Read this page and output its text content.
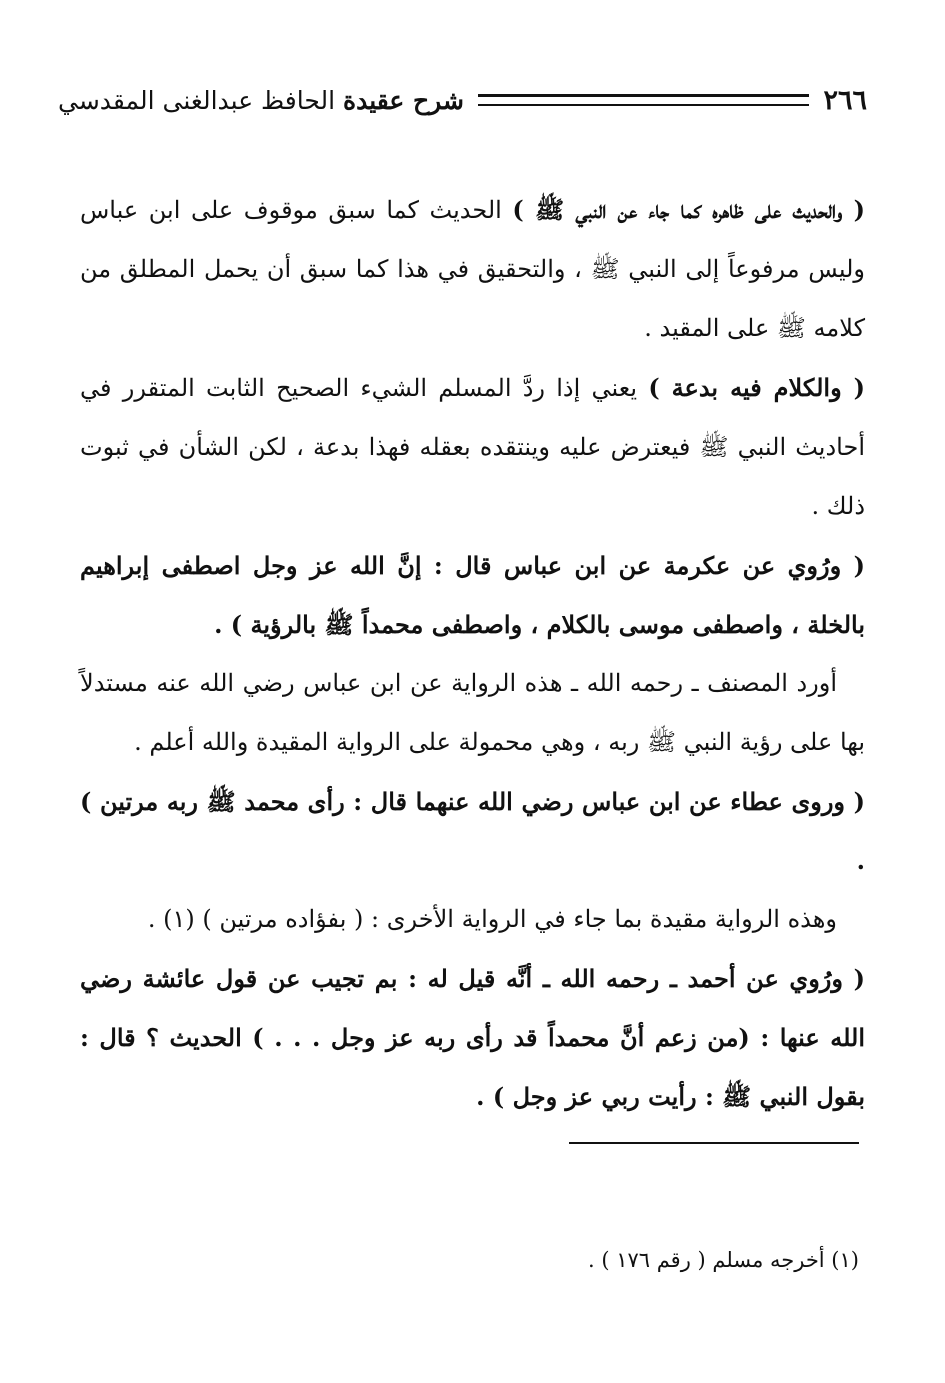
٢٦٦
شرح عقيدة الحافظ عبدالغنى المقدسي

( والحديث على ظاهره كما جاء عن النبي ﷺ ) الحديث كما سبق موقوف على ابن عباس وليس مرفوعاً إلى النبي ﷺ ، والتحقيق في هذا كما سبق أن يحمل المطلق من كلامه ﷺ على المقيد .

( والكلام فيه بدعة ) يعني إذا ردَّ المسلم الشيء الصحيح الثابت المتقرر في أحاديث النبي ﷺ فيعترض عليه وينتقده بعقله فهذا بدعة ، لكن الشأن في ثبوت ذلك .

( ورُوي عن عكرمة عن ابن عباس قال : إنَّ الله عز وجل اصطفى إبراهيم بالخلة ، واصطفى موسى بالكلام ، واصطفى محمداً ﷺ بالرؤية ) .

أورد المصنف ـ رحمه الله ـ هذه الرواية عن ابن عباس رضي الله عنه مستدلاً بها على رؤية النبي ﷺ ربه ، وهي محمولة على الرواية المقيدة والله أعلم .

( وروى عطاء عن ابن عباس رضي الله عنهما قال : رأى محمد ﷺ ربه مرتين ) .

وهذه الرواية مقيدة بما جاء في الرواية الأخرى : ( بفؤاده مرتين ) (١) .

( ورُوي عن أحمد ـ رحمه الله ـ أنَّه قيل له : بم تجيب عن قول عائشة رضي الله عنها : (من زعم أنَّ محمداً قد رأى ربه عز وجل . . . ) الحديث ؟ قال : بقول النبي ﷺ : رأيت ربي عز وجل ) .

(١) أخرجه مسلم ( رقم ١٧٦ ) .
